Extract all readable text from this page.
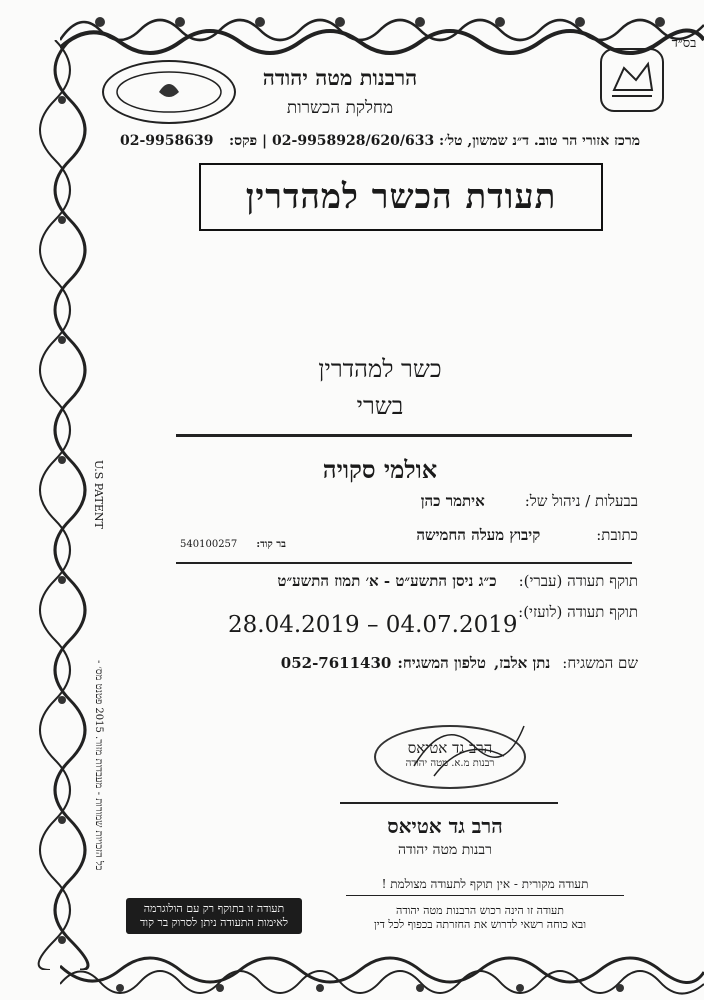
בס״ד
הרבנות מטה יהודה
מחלקת הכשרות
מרכז אזורי הר טוב. ד״נ שמשון, טל׳: 02-9958928/620/633 | פקס:
02-9958639
תעודת הכשר למהדרין
כשר למהדרין
בשרי
אולמי סקויה
בבעלות / ניהול של:
איתמר כהן
כתובת:
קיבוץ מעלה החמישה
בר קוד: 540100257
תוקף תעודה (עברי):
כ״ג ניסן התשע״ט - א׳ תמוז התשע״ט
תוקף תעודה (לועזי):
28.04.2019 – 04.07.2019
שם המשגיח:
נתן אלבז,
טלפון המשגיח:
052-7611430
הרב גד אטיאס
רבנות מ.א. מטה יהודה
הרב גד אטיאס
רבנות מטה יהודה
תעודה מקורית - אין תוקף לתעודה מצולמת !
תעודה זו הינה רכוש הרבנות מטה יהודה
ובא כוחה רשאי לדרוש את החזרתה בכפוף לכל דין
תעודה זו בתוקף רק עם הולוגרמה
לאימות התעודה ניתן לסרוק בר קוד
U.S PATENT
כל הזכויות שמורות - מעבדות מזור. 2015 פטנט מס׳ -
